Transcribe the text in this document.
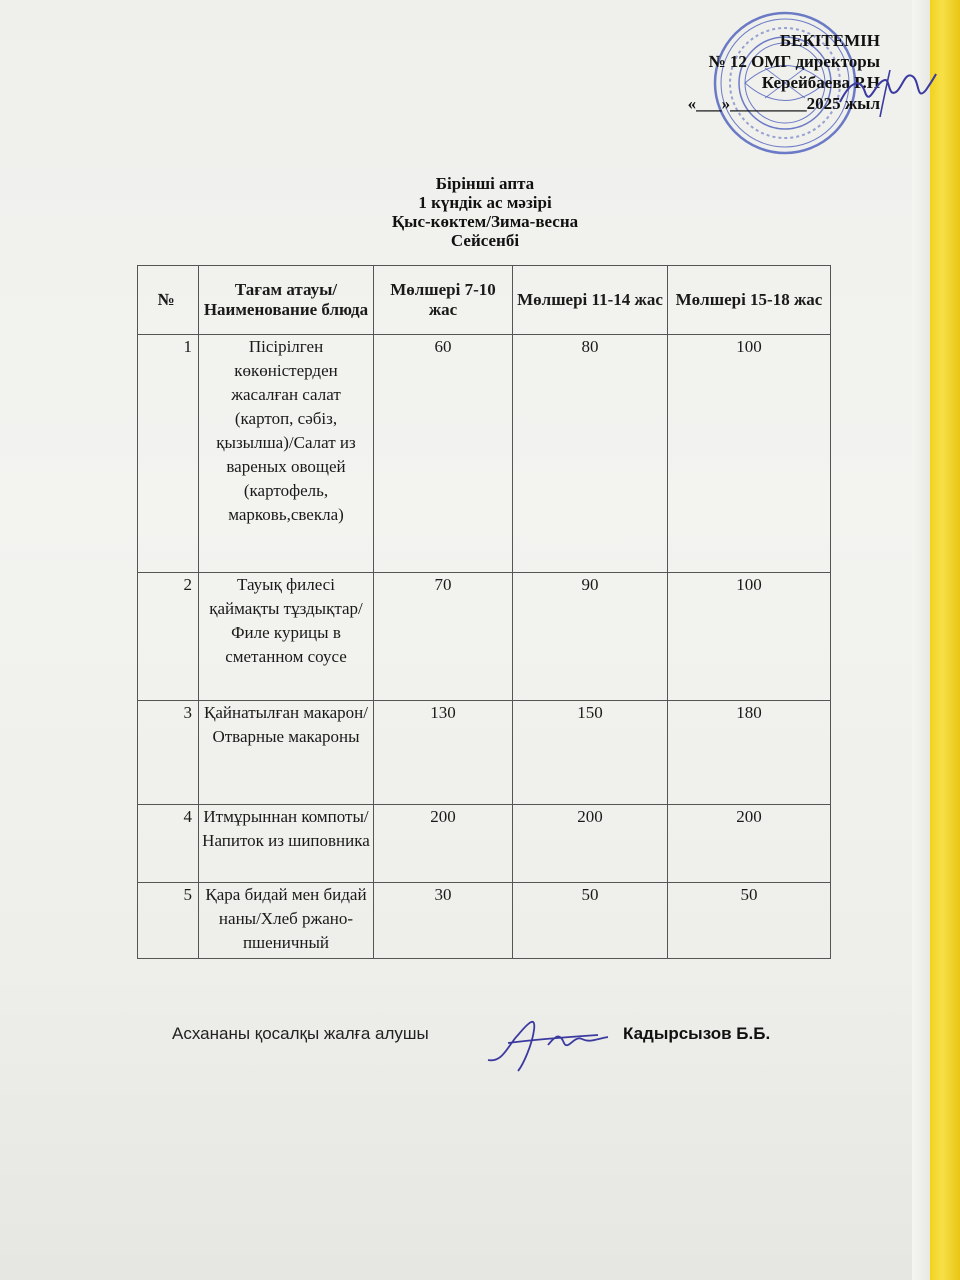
БЕКІТЕМІН
№ 12 ОМГ директоры
Керейбаева Р.Н
«___»_________2025 жыл
Бірінші апта
1 күндік ас мәзірі
Қыс-көктем/Зима-весна
Сейсенбі
№	Тағам атауы/ Наименование блюда	Мөлшері 7-10 жас	Мөлшері 11-14 жас	Мөлшері 15-18 жас
1	Пісірілген көкөністерден жасалған салат (картоп, сәбіз, қызылша)/Салат из вареных овощей (картофель, марковь,свекла)	60	80	100
2	Тауық филесі қаймақты тұздықтар/Филе курицы в сметанном соусе	70	90	100
3	Қайнатылған макарон/ Отварные макароны	130	150	180
4	Итмұрыннан компоты/Напиток из шиповника	200	200	200
5	Қара бидай мен бидай наны/Хлеб ржано-пшеничный	30	50	50
Асхананы қосалқы жалға алушы	Кадырсызов Б.Б.
